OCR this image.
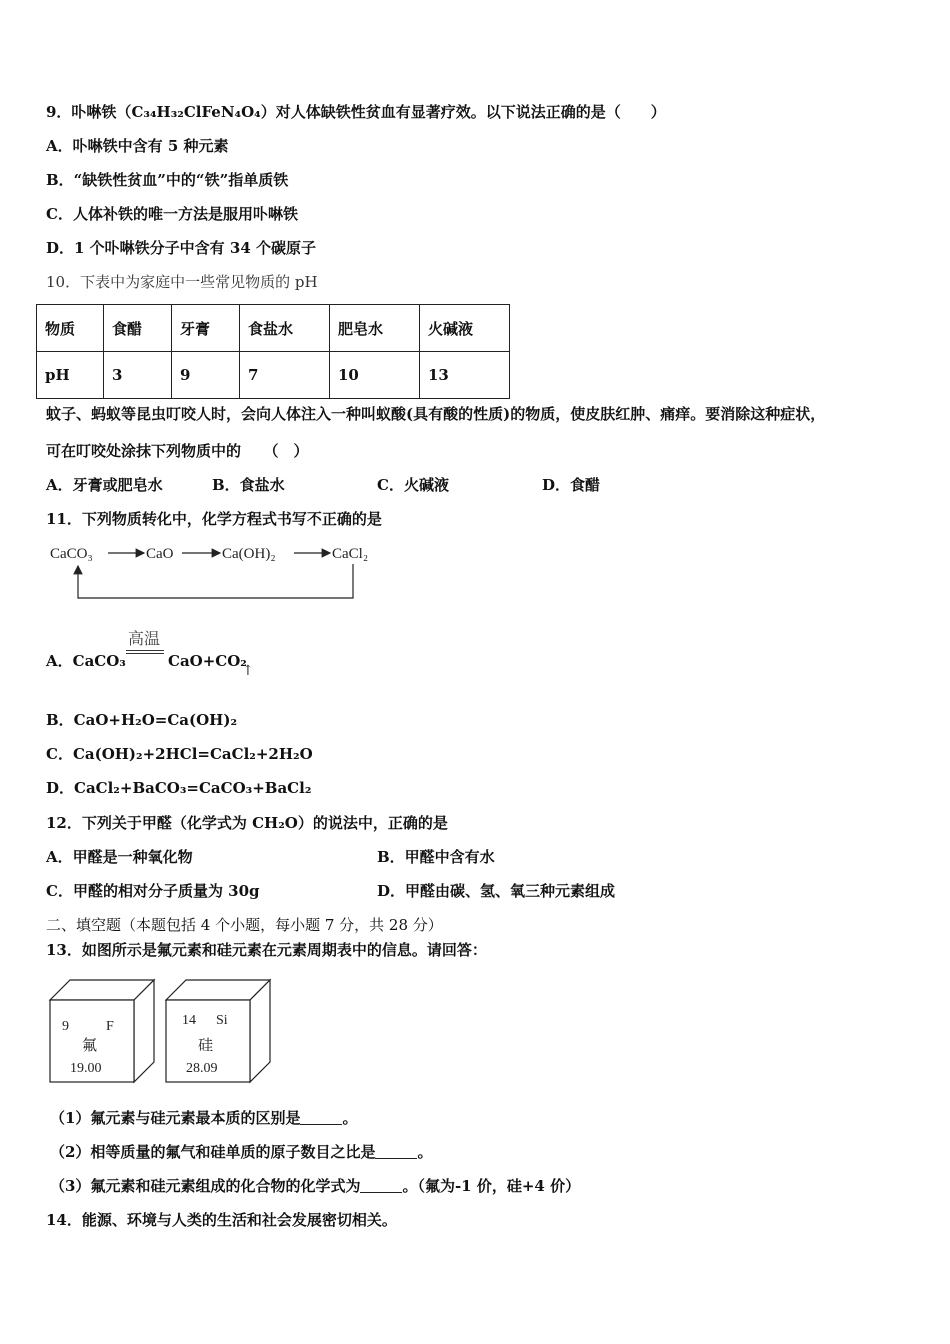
9．卟啉铁（C₃₄H₃₂ClFeN₄O₄）对人体缺铁性贫血有显著疗效。以下说法正确的是（　　）
A．卟啉铁中含有 5 种元素
B．“缺铁性贫血”中的“铁”指单质铁
C．人体补铁的唯一方法是服用卟啉铁
D．1 个卟啉铁分子中含有 34 个碳原子
10．下表中为家庭中一些常见物质的 pH
物质	食醋	牙膏	食盐水	肥皂水	火碱液
pH	3	9	7	10	13
蚊子、蚂蚁等昆虫叮咬人时，会向人体注入一种叫蚁酸(具有酸的性质)的物质，使皮肤红肿、痛痒。要消除这种症状，
可在叮咬处涂抹下列物质中的　　（　）
A．牙膏或肥皂水	B．食盐水	C．火碱液	D．食醋
11．下列物质转化中，化学方程式书写不正确的是
CaCO₃	CaO	Ca(OH)₂	CaCl₂
高温
A．CaCO₃	CaO+CO₂
↑
B．CaO+H₂O=Ca(OH)₂
C．Ca(OH)₂+2HCl=CaCl₂+2H₂O
D．CaCl₂+BaCO₃=CaCO₃+BaCl₂
12．下列关于甲醛（化学式为 CH₂O）的说法中，正确的是
A．甲醛是一种氧化物	B．甲醛中含有水
C．甲醛的相对分子质量为 30g	D．甲醛由碳、氢、氧三种元素组成
二、填空题（本题包括 4 个小题，每小题 7 分，共 28 分）
13．如图所示是氟元素和硅元素在元素周期表中的信息。请回答：
9	F
氟
19.00
14 Si
硅
28.09
（1）氟元素与硅元素最本质的区别是	。
（2）相等质量的氟气和硅单质的原子数目之比是	。
（3）氟元素和硅元素组成的化合物的化学式为	。（氟为-1 价，硅+4 价）
14．能源、环境与人类的生活和社会发展密切相关。
